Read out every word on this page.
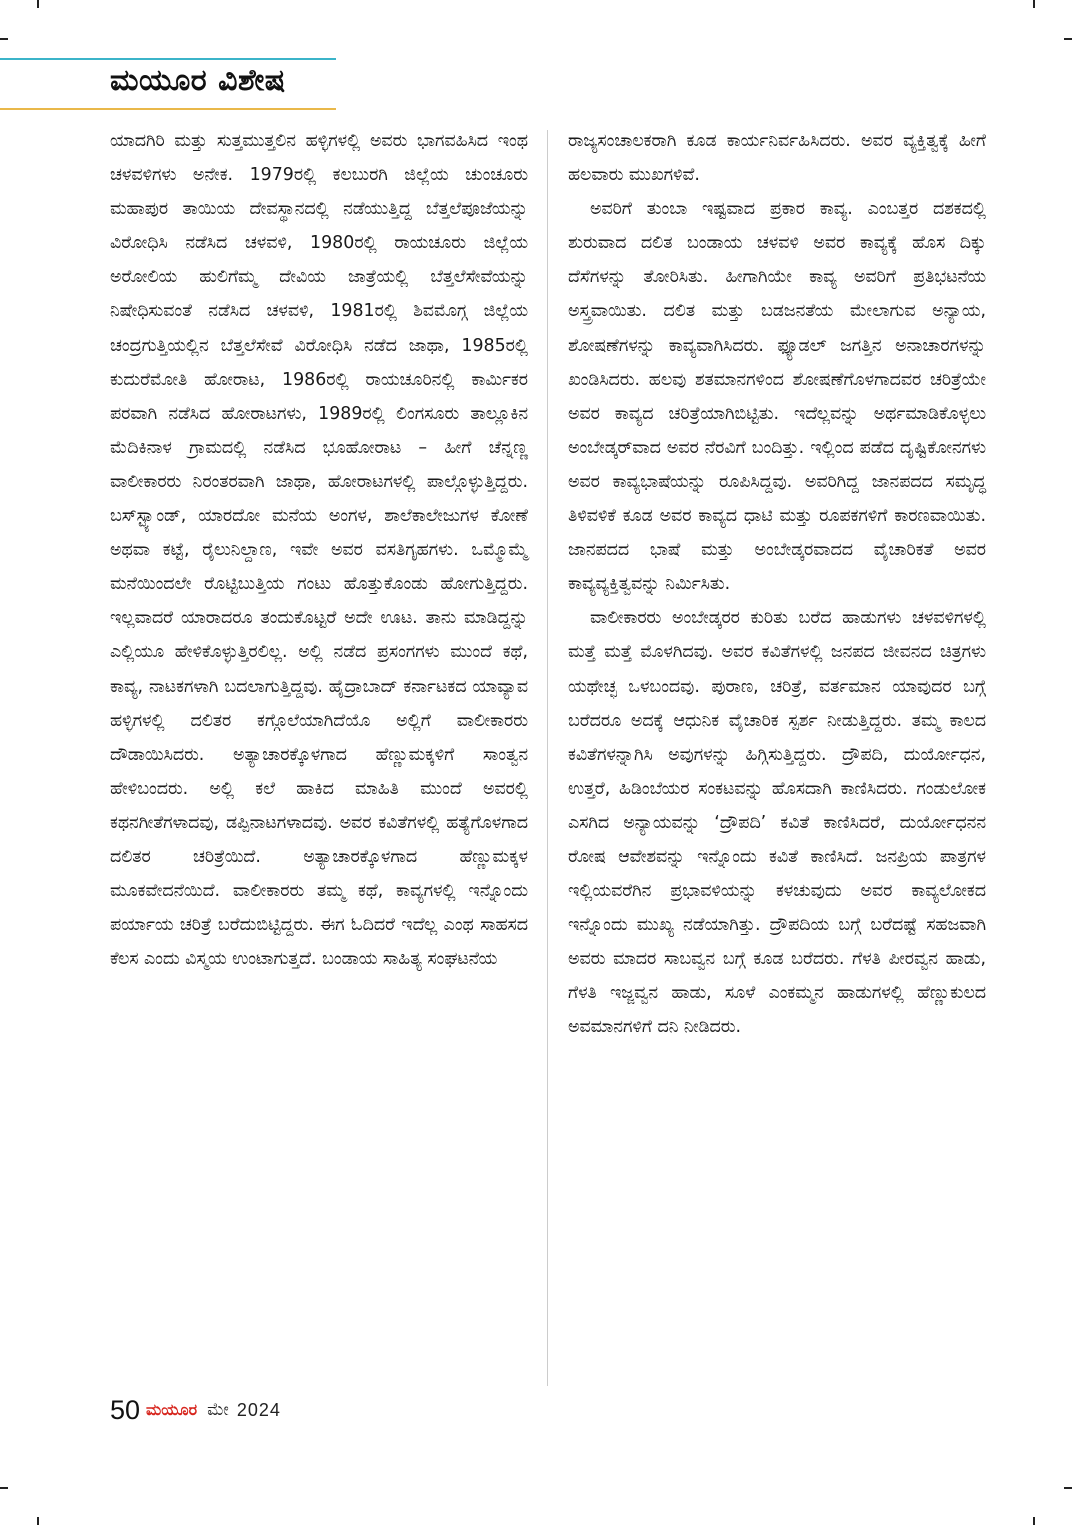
ಮಯೂರ ವಿಶೇಷ

ಯಾದಗಿರಿ ಮತ್ತು ಸುತ್ತಮುತ್ತಲಿನ ಹಳ್ಳಿಗಳಲ್ಲಿ ಅವರು ಭಾಗವಹಿಸಿದ ಇಂಥ ಚಳವಳಿಗಳು ಅನೇಕ. 1979ರಲ್ಲಿ ಕಲಬುರಗಿ ಜಿಲ್ಲೆಯ ಚುಂಚೂರು ಮಹಾಪುರ ತಾಯಿಯ ದೇವಸ್ಥಾನದಲ್ಲಿ ನಡೆಯುತ್ತಿದ್ದ ಬೆತ್ತಲೆಪೂಜೆಯನ್ನು ವಿರೋಧಿಸಿ ನಡೆಸಿದ ಚಳವಳಿ, 1980ರಲ್ಲಿ ರಾಯಚೂರು ಜಿಲ್ಲೆಯ ಅರೋಲಿಯ ಹುಲಿಗೆಮ್ಮ ದೇವಿಯ ಜಾತ್ರೆಯಲ್ಲಿ ಬೆತ್ತಲೆಸೇವೆಯನ್ನು ನಿಷೇಧಿಸುವಂತೆ ನಡೆಸಿದ ಚಳವಳಿ, 1981ರಲ್ಲಿ ಶಿವಮೊಗ್ಗ ಜಿಲ್ಲೆಯ ಚಂದ್ರಗುತ್ತಿಯಲ್ಲಿನ ಬೆತ್ತಲೆಸೇವೆ ವಿರೋಧಿಸಿ ನಡೆದ ಜಾಥಾ, 1985ರಲ್ಲಿ ಕುದುರೆಮೋತಿ ಹೋರಾಟ, 1986ರಲ್ಲಿ ರಾಯಚೂರಿನಲ್ಲಿ ಕಾರ್ಮಿಕರ ಪರವಾಗಿ ನಡೆಸಿದ ಹೋರಾಟಗಳು, 1989ರಲ್ಲಿ ಲಿಂಗಸೂರು ತಾಲ್ಲೂಕಿನ ಮೆದಿಕಿನಾಳ ಗ್ರಾಮದಲ್ಲಿ ನಡೆಸಿದ ಭೂಹೋರಾಟ – ಹೀಗೆ ಚೆನ್ನಣ್ಣ ವಾಲೀಕಾರರು ನಿರಂತರವಾಗಿ ಜಾಥಾ, ಹೋರಾಟಗಳಲ್ಲಿ ಪಾಲ್ಗೊಳ್ಳುತ್ತಿದ್ದರು. ಬಸ್‌ಸ್ಟ್ಯಾಂಡ್, ಯಾರದೋ ಮನೆಯ ಅಂಗಳ, ಶಾಲೆಕಾಲೇಜುಗಳ ಕೋಣೆ ಅಥವಾ ಕಟ್ಟೆ, ರೈಲುನಿಲ್ದಾಣ, ಇವೇ ಅವರ ವಸತಿಗೃಹಗಳು. ಒಮ್ಮೊಮ್ಮೆ ಮನೆಯಿಂದಲೇ ರೊಟ್ಟಿಬುತ್ತಿಯ ಗಂಟು ಹೊತ್ತುಕೊಂಡು ಹೋಗುತ್ತಿದ್ದರು. ಇಲ್ಲವಾದರೆ ಯಾರಾದರೂ ತಂದುಕೊಟ್ಟರೆ ಅದೇ ಊಟ. ತಾನು ಮಾಡಿದ್ದನ್ನು ಎಲ್ಲಿಯೂ ಹೇಳಿಕೊಳ್ಳುತ್ತಿರಲಿಲ್ಲ. ಅಲ್ಲಿ ನಡೆದ ಪ್ರಸಂಗಗಳು ಮುಂದೆ ಕಥೆ, ಕಾವ್ಯ, ನಾಟಕಗಳಾಗಿ ಬದಲಾಗುತ್ತಿದ್ದವು. ಹೈದ್ರಾಬಾದ್ ಕರ್ನಾಟಕದ ಯಾವ್ಯಾವ ಹಳ್ಳಿಗಳಲ್ಲಿ ದಲಿತರ ಕಗ್ಗೊಲೆಯಾಗಿದೆಯೊ ಅಲ್ಲಿಗೆ ವಾಲೀಕಾರರು ದೌಡಾಯಿಸಿದರು. ಅತ್ಯಾಚಾರಕ್ಕೊಳಗಾದ ಹೆಣ್ಣುಮಕ್ಕಳಿಗೆ ಸಾಂತ್ವನ ಹೇಳಿಬಂದರು. ಅಲ್ಲಿ ಕಲೆ ಹಾಕಿದ ಮಾಹಿತಿ ಮುಂದೆ ಅವರಲ್ಲಿ ಕಥನಗೀತೆಗಳಾದವು, ಡಪ್ಪಿನಾಟಗಳಾದವು. ಅವರ ಕವಿತೆಗಳಲ್ಲಿ ಹತ್ಯೆಗೊಳಗಾದ ದಲಿತರ ಚರಿತ್ರೆಯಿದೆ. ಅತ್ಯಾಚಾರಕ್ಕೊಳಗಾದ ಹೆಣ್ಣುಮಕ್ಕಳ ಮೂಕವೇದನೆಯಿದೆ. ವಾಲೀಕಾರರು ತಮ್ಮ ಕಥೆ, ಕಾವ್ಯಗಳಲ್ಲಿ ಇನ್ನೊಂದು ಪರ್ಯಾಯ ಚರಿತ್ರೆ ಬರೆದುಬಿಟ್ಟಿದ್ದರು. ಈಗ ಓದಿದರೆ ಇದೆಲ್ಲ ಎಂಥ ಸಾಹಸದ ಕೆಲಸ ಎಂದು ವಿಸ್ಮಯ ಉಂಟಾಗುತ್ತದೆ. ಬಂಡಾಯ ಸಾಹಿತ್ಯ ಸಂಘಟನೆಯ

ರಾಜ್ಯಸಂಚಾಲಕರಾಗಿ ಕೂಡ ಕಾರ್ಯನಿರ್ವಹಿಸಿದರು. ಅವರ ವ್ಯಕ್ತಿತ್ವಕ್ಕೆ ಹೀಗೆ ಹಲವಾರು ಮುಖಗಳಿವೆ.

ಅವರಿಗೆ ತುಂಬಾ ಇಷ್ಟವಾದ ಪ್ರಕಾರ ಕಾವ್ಯ. ಎಂಬತ್ತರ ದಶಕದಲ್ಲಿ ಶುರುವಾದ ದಲಿತ ಬಂಡಾಯ ಚಳವಳಿ ಅವರ ಕಾವ್ಯಕ್ಕೆ ಹೊಸ ದಿಕ್ಕು ದೆಸೆಗಳನ್ನು ತೋರಿಸಿತು. ಹೀಗಾಗಿಯೇ ಕಾವ್ಯ ಅವರಿಗೆ ಪ್ರತಿಭಟನೆಯ ಅಸ್ತ್ರವಾಯಿತು. ದಲಿತ ಮತ್ತು ಬಡಜನತೆಯ ಮೇಲಾಗುವ ಅನ್ಯಾಯ, ಶೋಷಣೆಗಳನ್ನು ಕಾವ್ಯವಾಗಿಸಿದರು. ಫ್ಯೂಡಲ್ ಜಗತ್ತಿನ ಅನಾಚಾರಗಳನ್ನು ಖಂಡಿಸಿದರು. ಹಲವು ಶತಮಾನಗಳಿಂದ ಶೋಷಣೆಗೊಳಗಾದವರ ಚರಿತ್ರೆಯೇ ಅವರ ಕಾವ್ಯದ ಚರಿತ್ರೆಯಾಗಿಬಿಟ್ಟಿತು. ಇದೆಲ್ಲವನ್ನು ಅರ್ಥಮಾಡಿಕೊಳ್ಳಲು ಅಂಬೇಡ್ಕರ್‌ವಾದ ಅವರ ನೆರವಿಗೆ ಬಂದಿತ್ತು. ಇಲ್ಲಿಂದ ಪಡೆದ ದೃಷ್ಟಿಕೋನಗಳು ಅವರ ಕಾವ್ಯಭಾಷೆಯನ್ನು ರೂಪಿಸಿದ್ದವು. ಅವರಿಗಿದ್ದ ಜಾನಪದದ ಸಮೃದ್ಧ ತಿಳಿವಳಿಕೆ ಕೂಡ ಅವರ ಕಾವ್ಯದ ಧಾಟಿ ಮತ್ತು ರೂಪಕಗಳಿಗೆ ಕಾರಣವಾಯಿತು. ಜಾನಪದದ ಭಾಷೆ ಮತ್ತು ಅಂಬೇಡ್ಕರವಾದದ ವೈಚಾರಿಕತೆ ಅವರ ಕಾವ್ಯವ್ಯಕ್ತಿತ್ವವನ್ನು ನಿರ್ಮಿಸಿತು.

ವಾಲೀಕಾರರು ಅಂಬೇಡ್ಕರರ ಕುರಿತು ಬರೆದ ಹಾಡುಗಳು ಚಳವಳಿಗಳಲ್ಲಿ ಮತ್ತೆ ಮತ್ತೆ ಮೊಳಗಿದವು. ಅವರ ಕವಿತೆಗಳಲ್ಲಿ ಜನಪದ ಜೀವನದ ಚಿತ್ರಗಳು ಯಥೇಚ್ಛ ಒಳಬಂದವು. ಪುರಾಣ, ಚರಿತ್ರೆ, ವರ್ತಮಾನ ಯಾವುದರ ಬಗ್ಗೆ ಬರೆದರೂ ಅದಕ್ಕೆ ಆಧುನಿಕ ವೈಚಾರಿಕ ಸ್ಪರ್ಶ ನೀಡುತ್ತಿದ್ದರು. ತಮ್ಮ ಕಾಲದ ಕವಿತೆಗಳನ್ನಾಗಿಸಿ ಅವುಗಳನ್ನು ಹಿಗ್ಗಿಸುತ್ತಿದ್ದರು. ದ್ರೌಪದಿ, ದುರ್ಯೋಧನ, ಉತ್ತರೆ, ಹಿಡಿಂಬೆಯರ ಸಂಕಟವನ್ನು ಹೊಸದಾಗಿ ಕಾಣಿಸಿದರು. ಗಂಡುಲೋಕ ಎಸಗಿದ ಅನ್ಯಾಯವನ್ನು ‘ದ್ರೌಪದಿ’ ಕವಿತೆ ಕಾಣಿಸಿದರೆ, ದುರ್ಯೋಧನನ ರೋಷ ಆವೇಶವನ್ನು ಇನ್ನೊಂದು ಕವಿತೆ ಕಾಣಿಸಿದೆ. ಜನಪ್ರಿಯ ಪಾತ್ರಗಳ ಇಲ್ಲಿಯವರೆಗಿನ ಪ್ರಭಾವಳಿಯನ್ನು ಕಳಚುವುದು ಅವರ ಕಾವ್ಯಲೋಕದ ಇನ್ನೊಂದು ಮುಖ್ಯ ನಡೆಯಾಗಿತ್ತು. ದ್ರೌಪದಿಯ ಬಗ್ಗೆ ಬರೆದಷ್ಟೆ ಸಹಜವಾಗಿ ಅವರು ಮಾದರ ಸಾಬವ್ವನ ಬಗ್ಗೆ ಕೂಡ ಬರೆದರು. ಗೆಳತಿ ಪೀರವ್ವನ ಹಾಡು, ಗೆಳತಿ ಇಜ್ಜವ್ವನ ಹಾಡು, ಸೂಳೆ ಎಂಕಮ್ಮನ ಹಾಡುಗಳಲ್ಲಿ ಹೆಣ್ಣುಕುಲದ ಅವಮಾನಗಳಿಗೆ ದನಿ ನೀಡಿದರು.

50 ಮಯೂರ ಮೇ 2024
